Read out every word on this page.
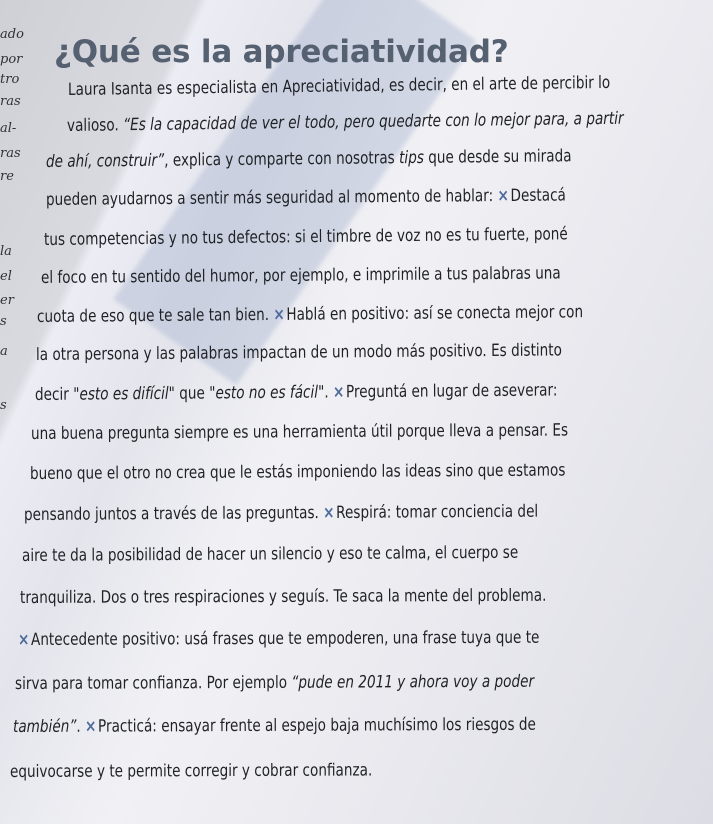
ado
por
tro
ras
al-
ras
re
la
el
er
s
a
s
¿Qué es la apreciatividad?
Laura Isanta es especialista en Apreciatividad, es decir, en el arte de percibir lo
valioso. “Es la capacidad de ver el todo, pero quedarte con lo mejor para, a partir
de ahí, construir”, explica y comparte con nosotras tips que desde su mirada
pueden ayudarnos a sentir más seguridad al momento de hablar: ×Destacá
tus competencias y no tus defectos: si el timbre de voz no es tu fuerte, poné
el foco en tu sentido del humor, por ejemplo, e imprimile a tus palabras una
cuota de eso que te sale tan bien. ×Hablá en positivo: así se conecta mejor con
la otra persona y las palabras impactan de un modo más positivo. Es distinto
decir "esto es difícil" que "esto no es fácil". ×Preguntá en lugar de aseverar:
una buena pregunta siempre es una herramienta útil porque lleva a pensar. Es
bueno que el otro no crea que le estás imponiendo las ideas sino que estamos
pensando juntos a través de las preguntas. ×Respirá: tomar conciencia del
aire te da la posibilidad de hacer un silencio y eso te calma, el cuerpo se
tranquiliza. Dos o tres respiraciones y seguís. Te saca la mente del problema.
×Antecedente positivo: usá frases que te empoderen, una frase tuya que te
sirva para tomar confianza. Por ejemplo “pude en 2011 y ahora voy a poder
también”. ×Practicá: ensayar frente al espejo baja muchísimo los riesgos de
equivocarse y te permite corregir y cobrar confianza.
